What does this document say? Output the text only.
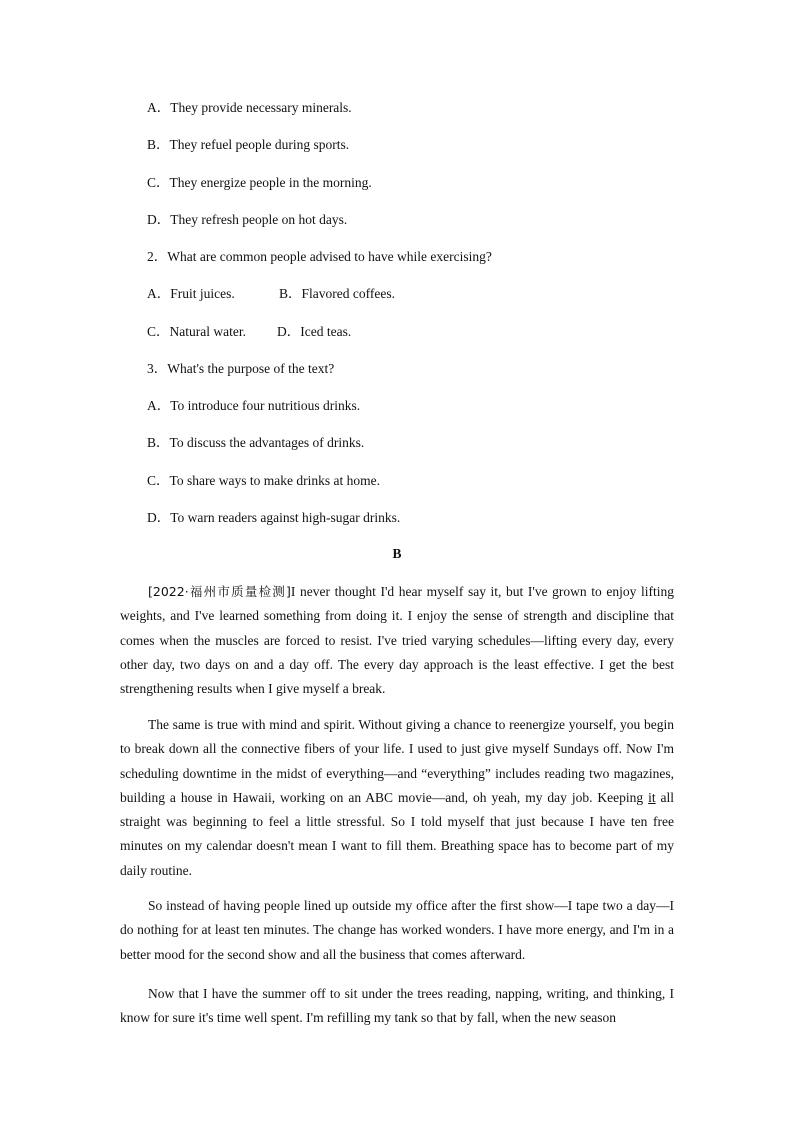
A．They provide necessary minerals.
B．They refuel people during sports.
C．They energize people in the morning.
D．They refresh people on hot days.
2．What are common people advised to have while exercising?
A．Fruit juices.	B．Flavored coffees.
C．Natural water. D．Iced teas.
3．What's the purpose of the text?
A．To introduce four nutritious drinks.
B．To discuss the advantages of drinks.
C．To share ways to make drinks at home.
D．To warn readers against high-sugar drinks.
B
[2022·福州市质量检测]I never thought I'd hear myself say it, but I've grown to enjoy lifting weights, and I've learned something from doing it. I enjoy the sense of strength and discipline that comes when the muscles are forced to resist. I've tried varying schedules—lifting every day, every other day, two days on and a day off. The every day approach is the least effective. I get the best strengthening results when I give myself a break.
The same is true with mind and spirit. Without giving a chance to reenergize yourself, you begin to break down all the connective fibers of your life. I used to just give myself Sundays off. Now I'm scheduling downtime in the midst of everything—and “everything” includes reading two magazines, building a house in Hawaii, working on an ABC movie—and, oh yeah, my day job. Keeping it all straight was beginning to feel a little stressful. So I told myself that just because I have ten free minutes on my calendar doesn't mean I want to fill them. Breathing space has to become part of my daily routine.
So instead of having people lined up outside my office after the first show—I tape two a day—I do nothing for at least ten minutes. The change has worked wonders. I have more energy, and I'm in a better mood for the second show and all the business that comes afterward.
Now that I have the summer off to sit under the trees reading, napping, writing, and thinking, I know for sure it's time well spent. I'm refilling my tank so that by fall, when the new season
